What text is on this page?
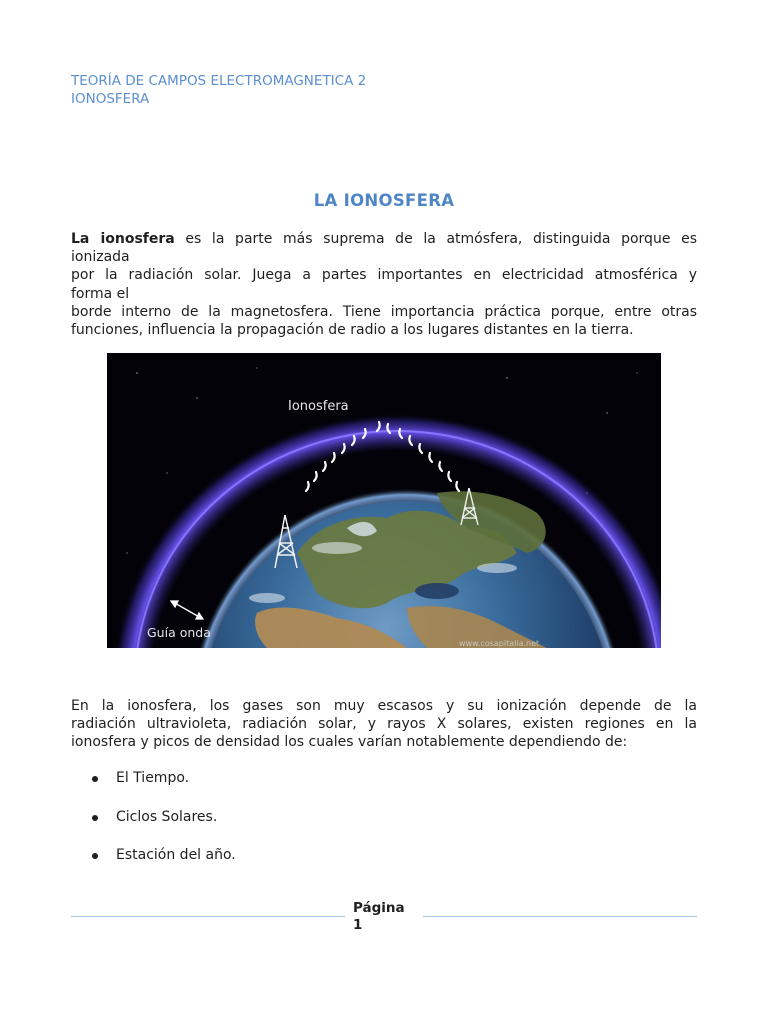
TEORÍA DE CAMPOS ELECTROMAGNETICA 2
IONOSFERA
LA IONOSFERA
La ionosfera es la parte más suprema de la atmósfera, distinguida porque es
ionizada
por la radiación solar. Juega a partes importantes en electricidad atmosférica y
forma el
borde interno de la magnetosfera. Tiene importancia práctica porque, entre otras
funciones, influencia la propagación de radio a los lugares distantes en la tierra.
Ionosfera
Guía onda
www.cosapitalia.net
En la ionosfera, los gases son muy escasos y su ionización depende de la
radiación ultravioleta, radiación solar, y rayos X solares, existen regiones en la
ionosfera y picos de densidad los cuales varían notablemente dependiendo de:
El Tiempo.
Ciclos Solares.
Estación del año.
Página
1
